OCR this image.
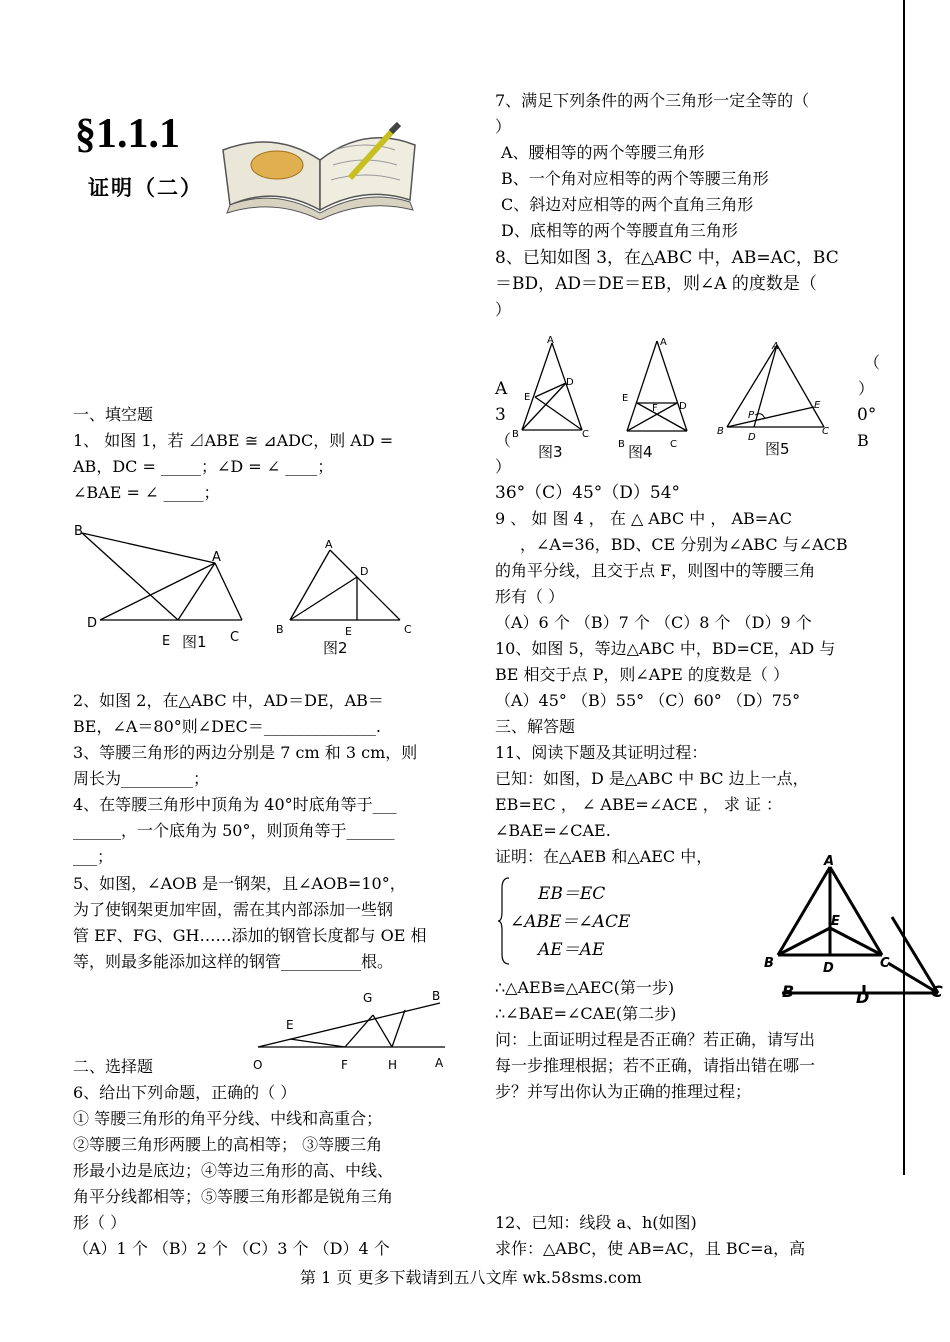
§1.1.1
证明（二）
一、填空题
1、 如图 1，若 ⊿ABE ≅ ⊿ADC，则 AD =
AB，DC = _____；∠D = ∠ ____；
∠BAE = ∠ _____；
B
A
D
E	C
图1
A
D
B	E	C
图2
2、如图 2，在△ABC 中，AD＝DE，AB＝
BE，∠A＝80°则∠DEC＝______________.
3、等腰三角形的两边分别是 7 cm 和 3 cm，则
周长为_________；
4、在等腰三角形中顶角为 40°时底角等于___
______，一个底角为 50°，则顶角等于______
___；
5、如图，∠AOB 是一钢架，且∠AOB=10°，
为了使钢架更加牢固，需在其内部添加一些钢
管 EF、FG、GH……添加的钢管长度都与 OE 相
等，则最多能添加这样的钢管__________根。
G	B
E
O	F	H	A
二、选择题
6、给出下列命题，正确的（ ）
① 等腰三角形的角平分线、中线和高重合；
②等腰三角形两腰上的高相等； ③等腰三角
形最小边是底边；④等边三角形的高、中线、
角平分线都相等；⑤等腰三角形都是锐角三角
形（ ）
（A）1 个 （B）2 个 （C）3 个 （D）4 个
7、满足下列条件的两个三角形一定全等的（
）
A、腰相等的两个等腰三角形
B、一个角对应相等的两个等腰三角形
C、斜边对应相等的两个直角三角形
D、底相等的两个等腰直角三角形
8、已知如图 3，在△ABC 中，AB=AC，BC
＝BD，AD＝DE＝EB，则∠A 的度数是（
）
A
3
（
）
（
）
0°
B
A
D
E
B	C
图3
A
E
F D
B	C
图4
A
E
P
B
D
C
图5
36°（C）45°（D）54°
9 、 如 图 4 ， 在 △ ABC 中 ， AB=AC
，∠A=36，BD、CE 分别为∠ABC 与∠ACB
的角平分线，且交于点 F，则图中的等腰三角
形有（ ）
（A）6 个 （B）7 个 （C）8 个 （D）9 个
10、如图 5，等边△ABC 中，BD=CE，AD 与
BE 相交于点 P，则∠APE 的度数是（ ）
（A）45° （B）55° （C）60° （D）75°
三、解答题
11、阅读下题及其证明过程：
已知：如图，D 是△ABC 中 BC 边上一点，
EB=EC ， ∠ ABE=∠ACE ， 求 证 ：
∠BAE=∠CAE.
证明：在△AEB 和△AEC 中，
EB＝EC
∠ABE＝∠ACE
AE＝AE
A
E
B	D	C
B	D	C
∴△AEB≌△AEC(第一步)
∴∠BAE=∠CAE(第二步)
问：上面证明过程是否正确？若正确，请写出
每一步推理根据；若不正确，请指出错在哪一
步？并写出你认为正确的推理过程；
12、已知：线段 a、h(如图)
求作：△ABC，使 AB=AC，且 BC=a，高
第 1 页 更多下载请到五八文库 wk.58sms.com
